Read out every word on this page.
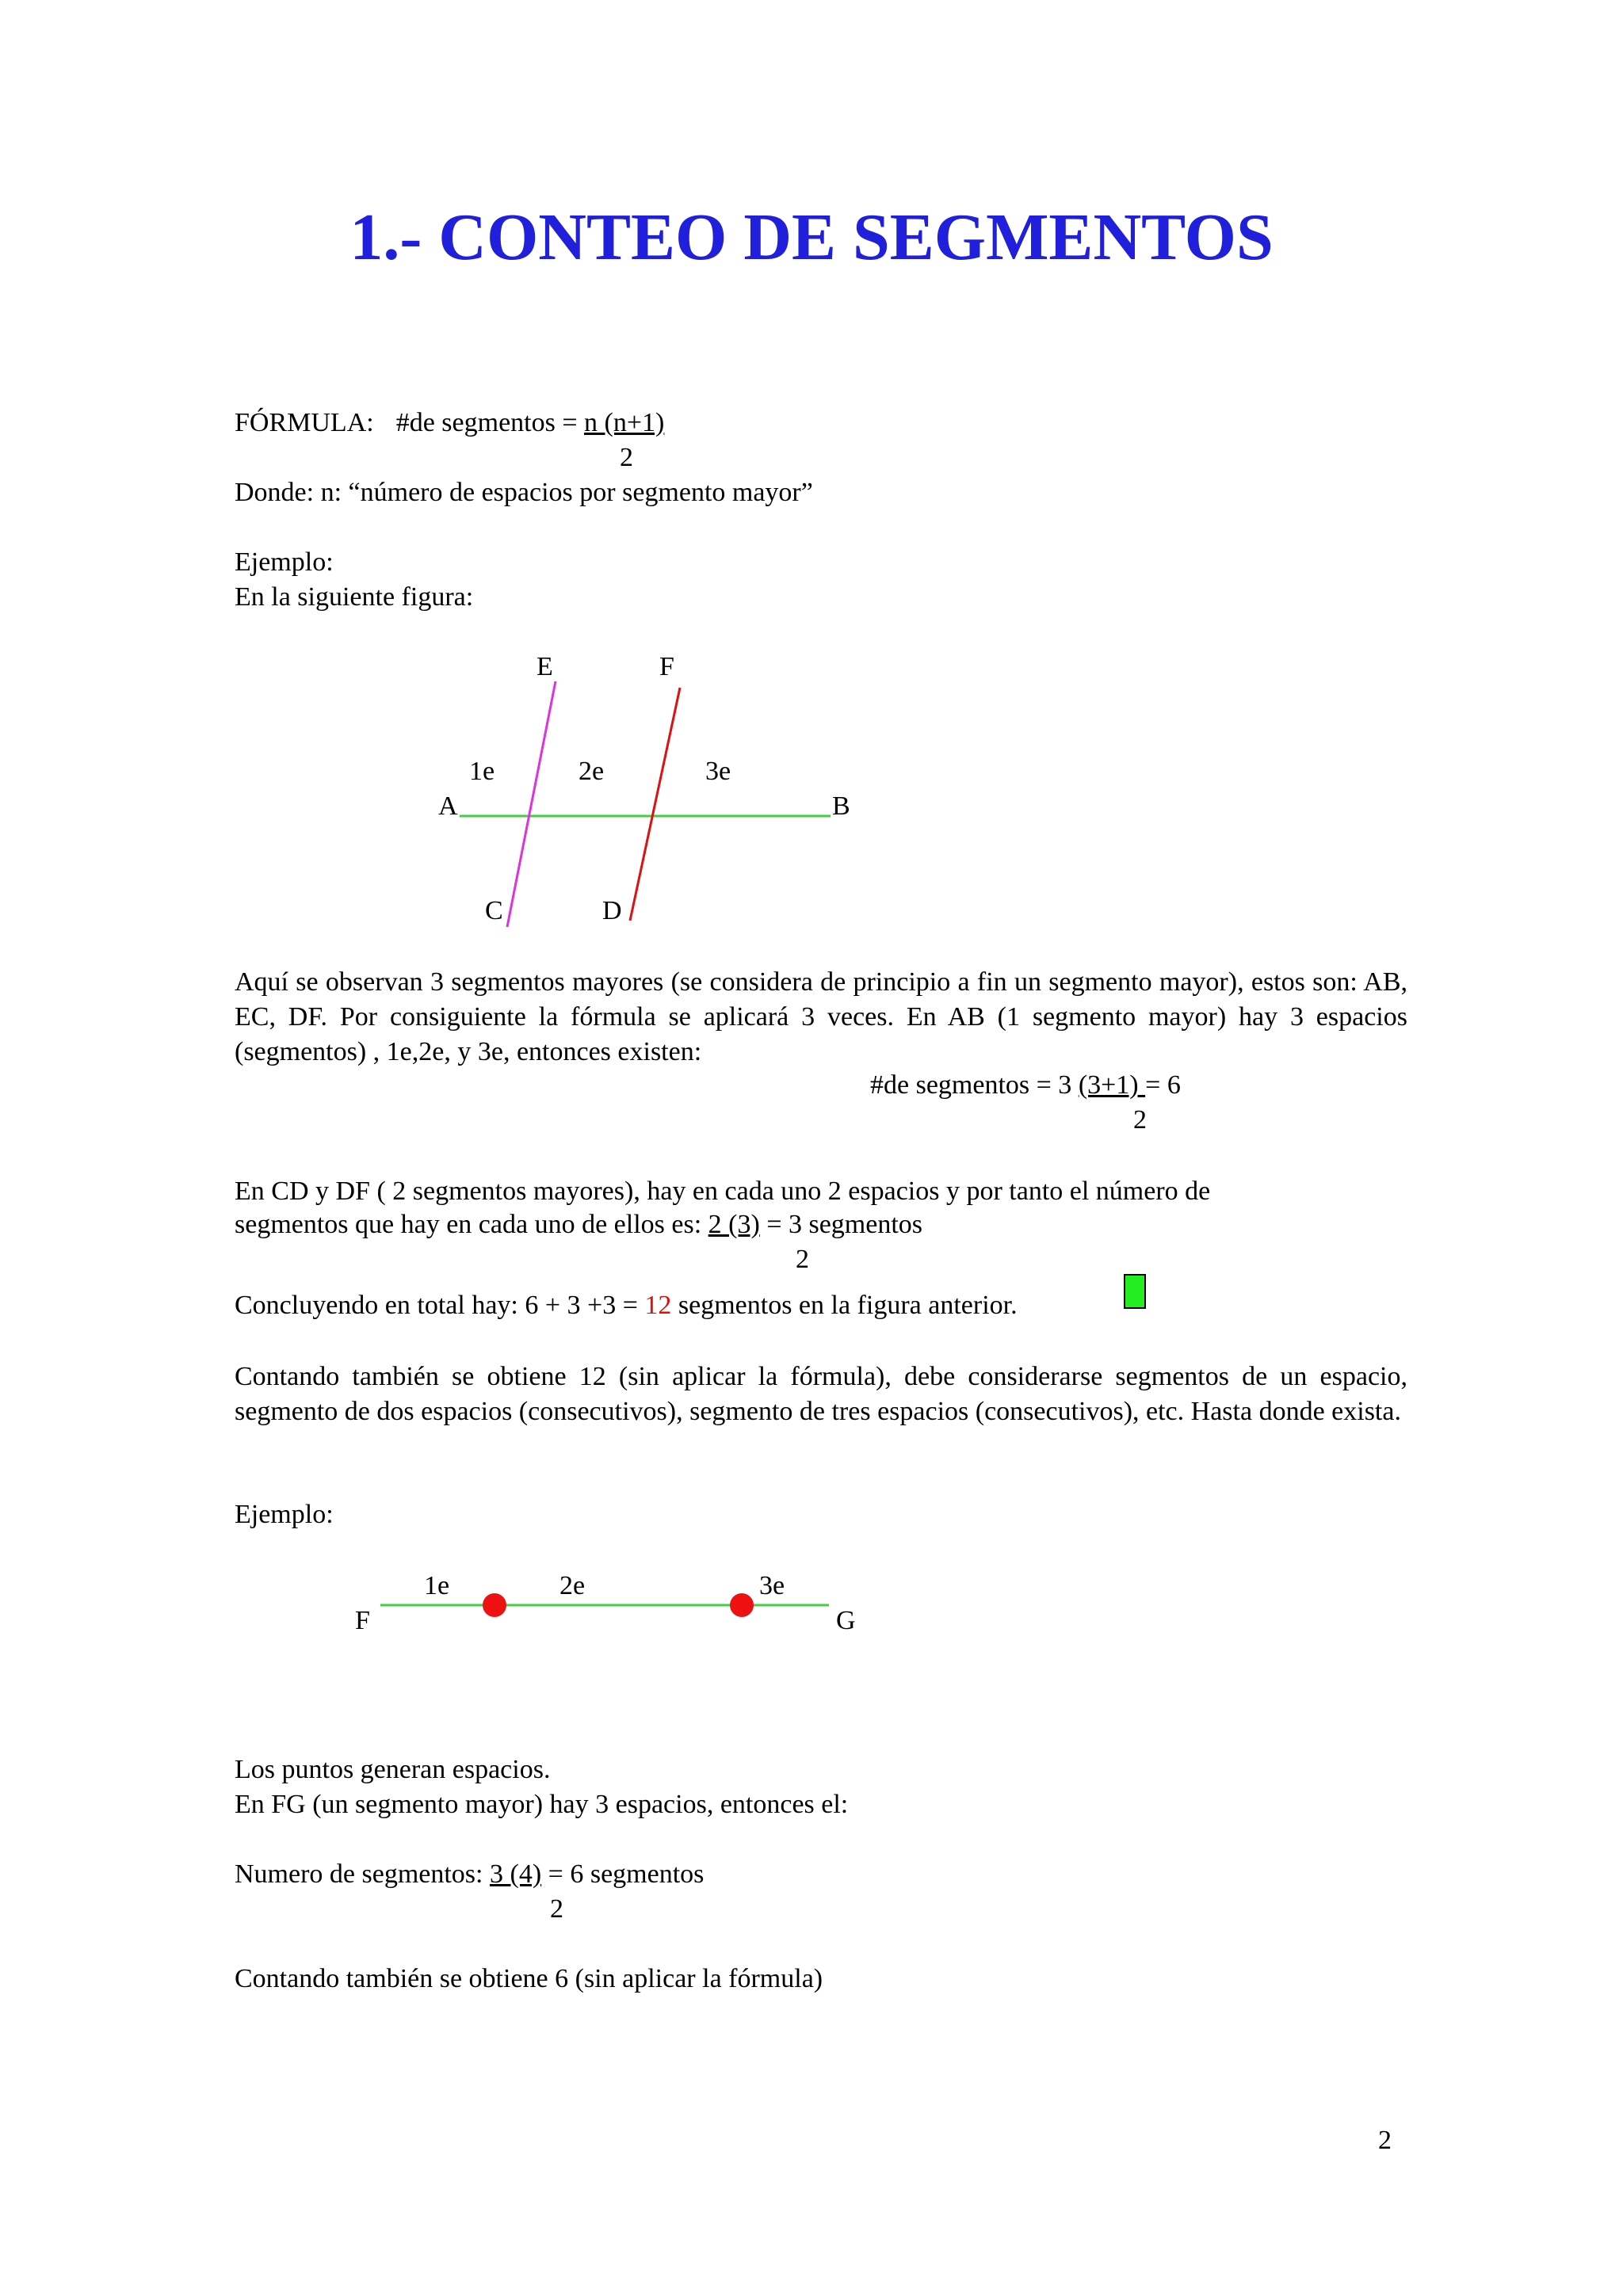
1.- CONTEO DE SEGMENTOS
FÓRMULA: #de segmentos = n (n+1)
2
Donde: n: “número de espacios por segmento mayor”
Ejemplo:
En la siguiente figura:
E	F
1e	2e	3e
A	B
C	D
Aquí se observan 3 segmentos mayores (se considera de principio a fin un segmento mayor), estos son: AB, EC, DF. Por consiguiente la fórmula se aplicará 3 veces. En AB (1 segmento mayor) hay 3 espacios (segmentos) , 1e,2e, y 3e, entonces existen:
#de segmentos = 3 (3+1) = 6
2
En CD y DF ( 2 segmentos mayores), hay en cada uno 2 espacios y por tanto el número de
segmentos que hay en cada uno de ellos es: 2 (3) = 3 segmentos
2
Concluyendo en total hay: 6 + 3 +3 = 12 segmentos en la figura anterior.
Contando también se obtiene 12 (sin aplicar la fórmula), debe considerarse segmentos de un espacio, segmento de dos espacios (consecutivos), segmento de tres espacios (consecutivos), etc. Hasta donde exista.
Ejemplo:
1e	2e	3e
F	G
Los puntos generan espacios.
En FG (un segmento mayor) hay 3 espacios, entonces el:
Numero de segmentos: 3 (4) = 6 segmentos
2
Contando también se obtiene 6 (sin aplicar la fórmula)
2
